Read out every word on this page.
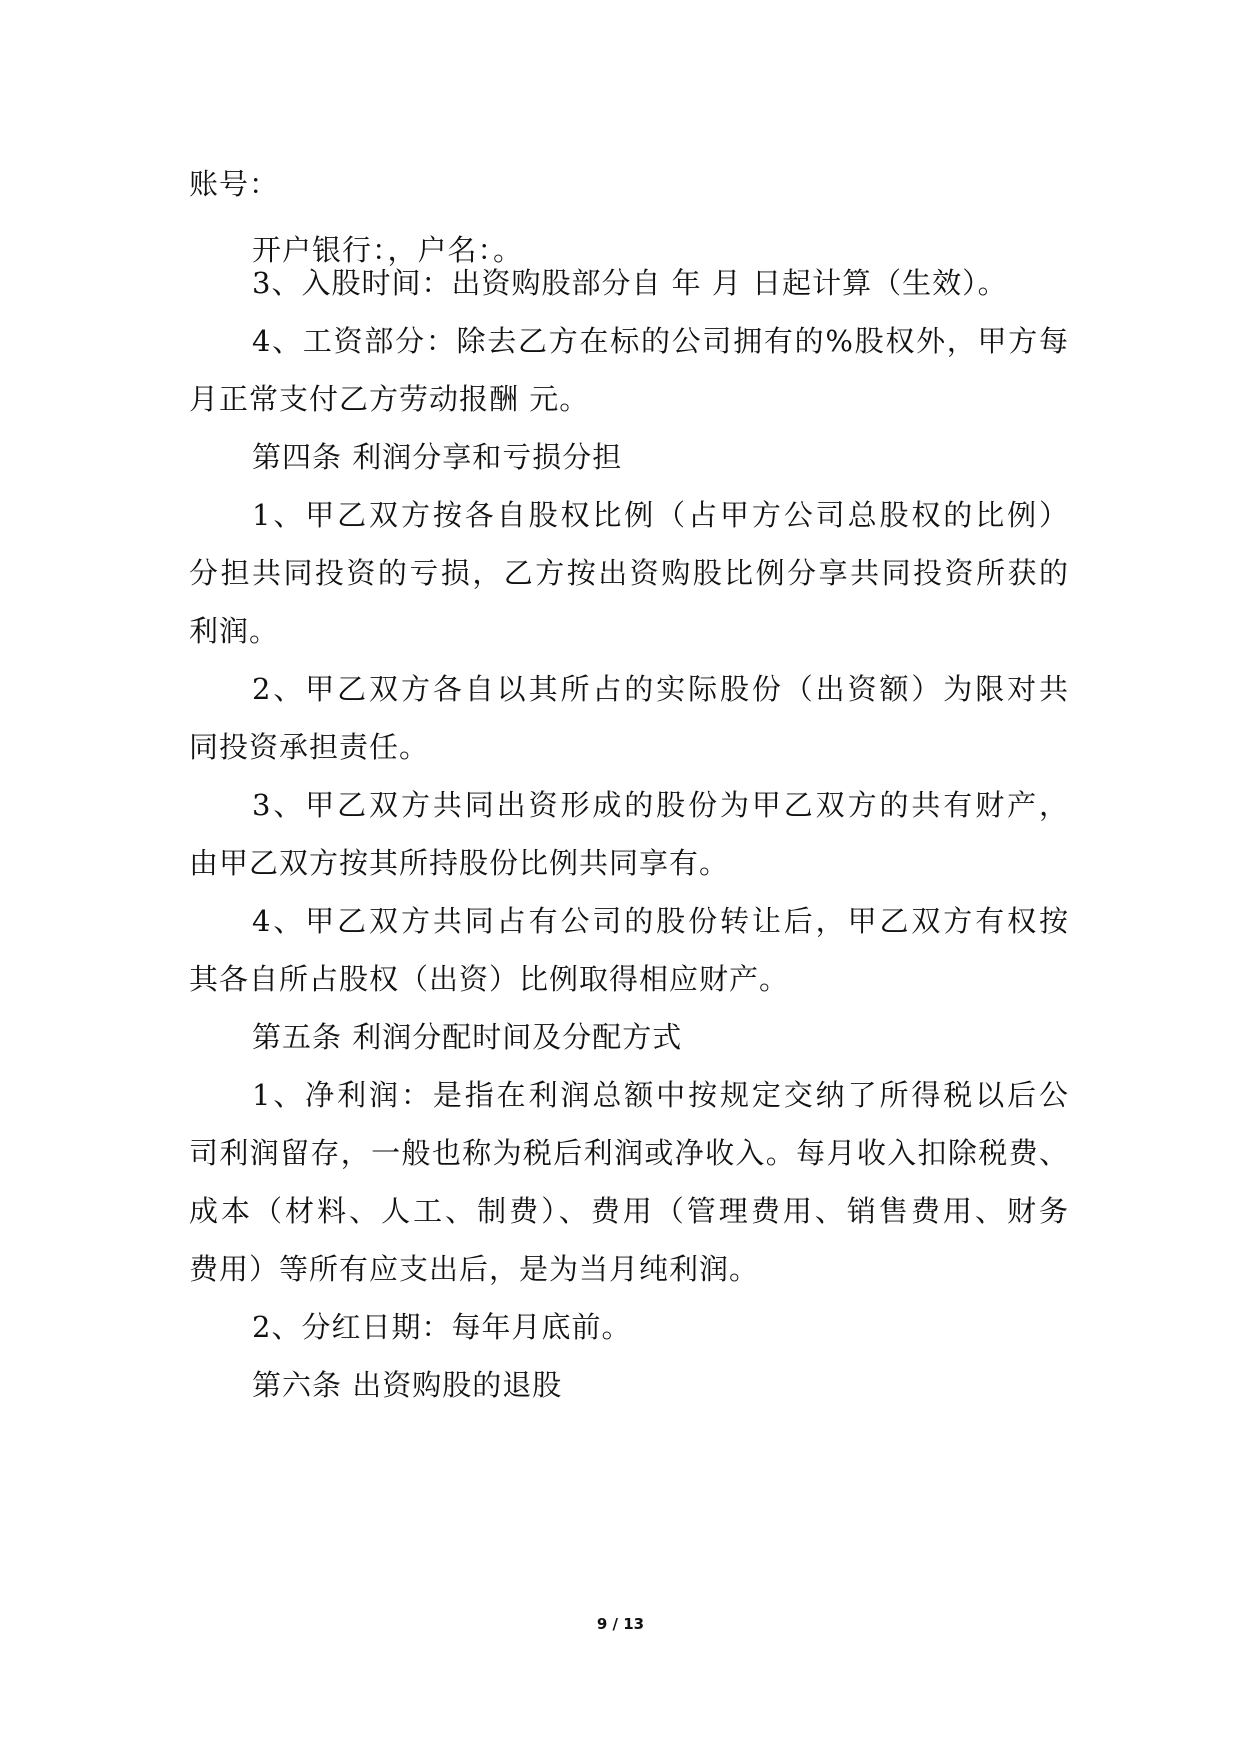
账号：
开户银行：，户名：。
3、入股时间：出资购股部分自 年 月 日起计算（生效）。
4、工资部分：除去乙方在标的公司拥有的%股权外，甲方每
月正常支付乙方劳动报酬 元。
第四条 利润分享和亏损分担
1、甲乙双方按各自股权比例（占甲方公司总股权的比例）
分担共同投资的亏损，乙方按出资购股比例分享共同投资所获的
利润。
2、甲乙双方各自以其所占的实际股份（出资额）为限对共
同投资承担责任。
3、甲乙双方共同出资形成的股份为甲乙双方的共有财产，
由甲乙双方按其所持股份比例共同享有。
4、甲乙双方共同占有公司的股份转让后，甲乙双方有权按
其各自所占股权（出资）比例取得相应财产。
第五条 利润分配时间及分配方式
1、净利润：是指在利润总额中按规定交纳了所得税以后公
司利润留存，一般也称为税后利润或净收入。每月收入扣除税费、
成本（材料、人工、制费）、费用（管理费用、销售费用、财务
费用）等所有应支出后，是为当月纯利润。
2、分红日期：每年月底前。
第六条 出资购股的退股
9 / 13
